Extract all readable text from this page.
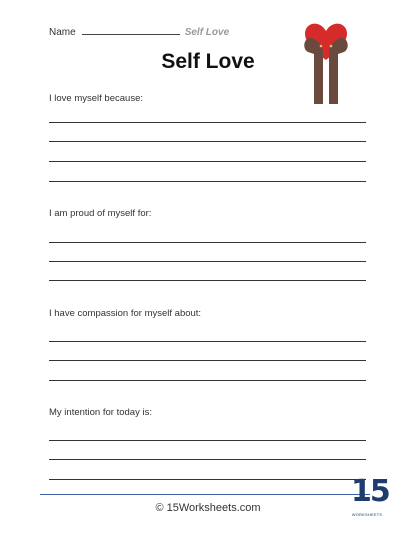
Name	Self Love
Self Love
I love myself because:
I am proud of myself for:
I have compassion for myself about:
My intention for today is:
© 15Worksheets.com	15
WORKSHEETS
